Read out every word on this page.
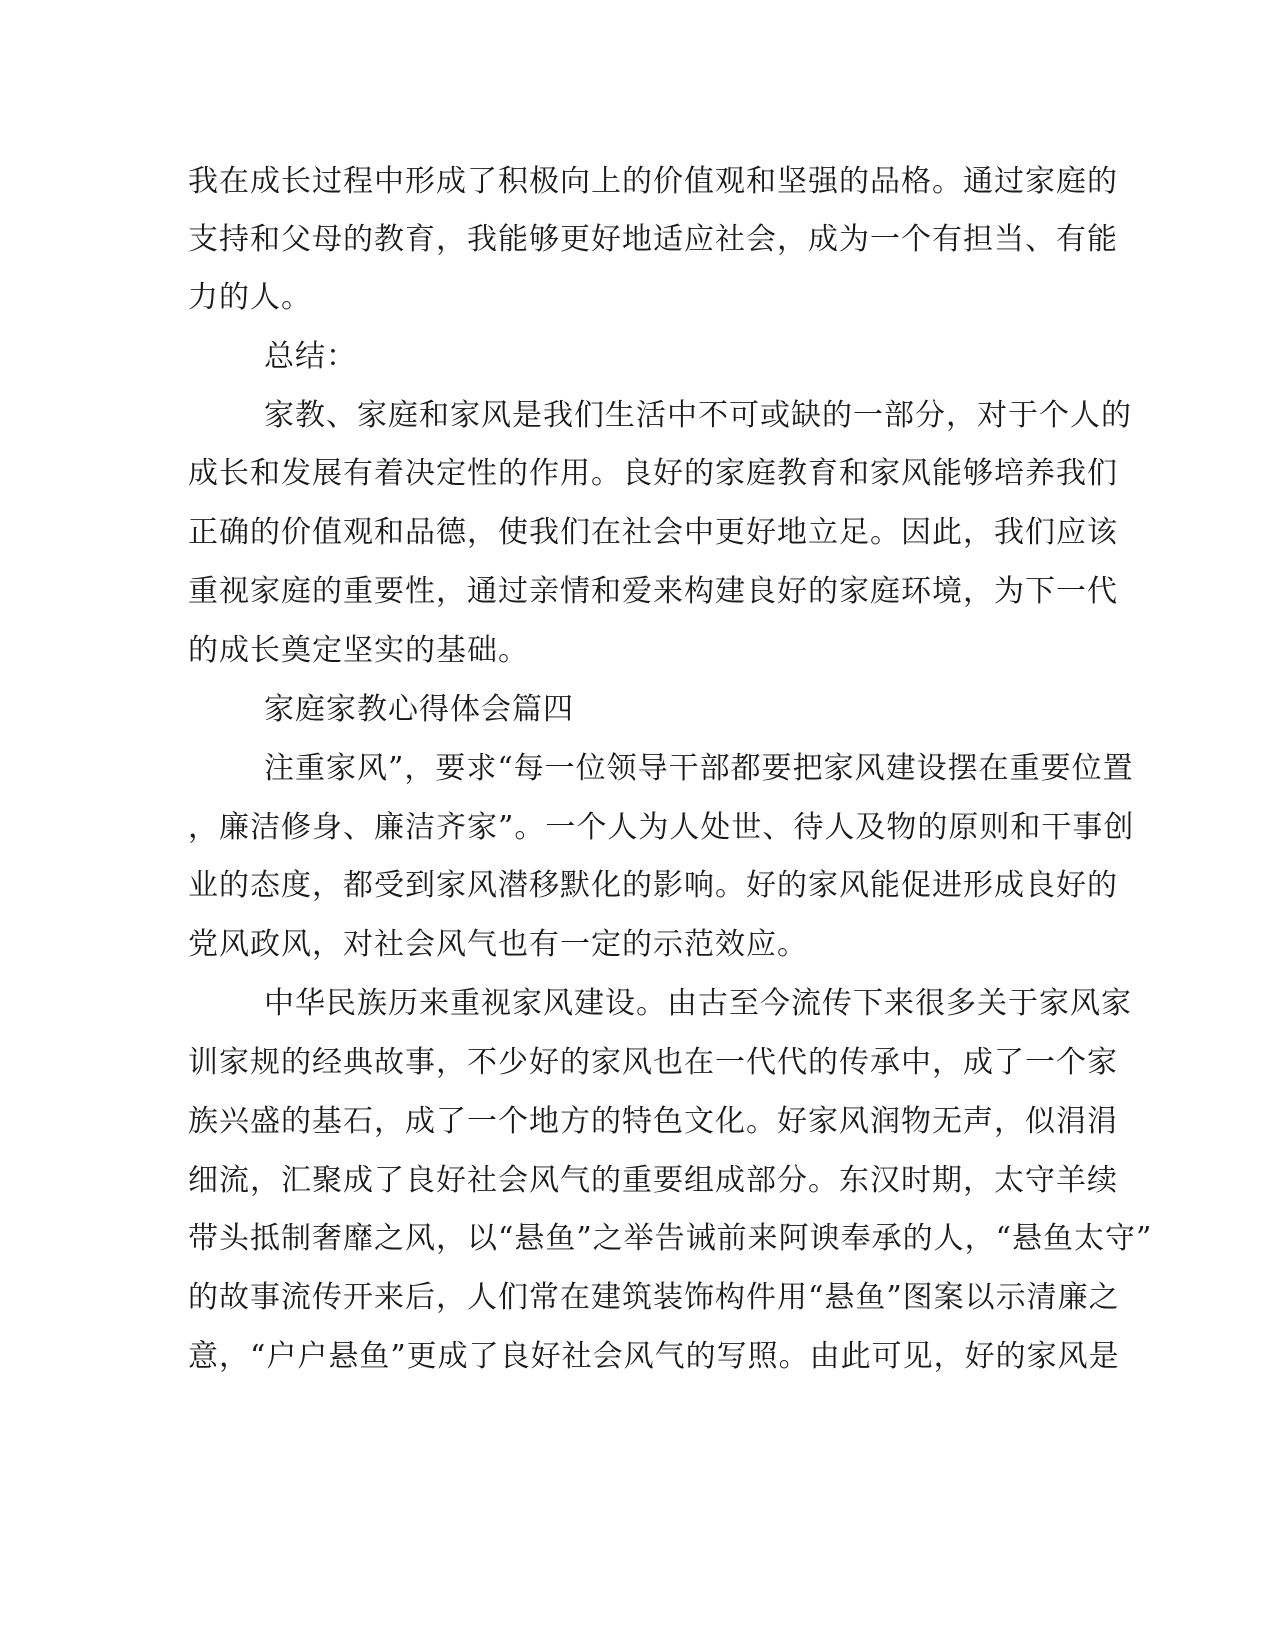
我在成长过程中形成了积极向上的价值观和坚强的品格。通过家庭的
支持和父母的教育，我能够更好地适应社会，成为一个有担当、有能
力的人。
总结：
家教、家庭和家风是我们生活中不可或缺的一部分，对于个人的
成长和发展有着决定性的作用。良好的家庭教育和家风能够培养我们
正确的价值观和品德，使我们在社会中更好地立足。因此，我们应该
重视家庭的重要性，通过亲情和爱来构建良好的家庭环境，为下一代
的成长奠定坚实的基础。
家庭家教心得体会篇四
注重家风”，要求“每一位领导干部都要把家风建设摆在重要位置
，廉洁修身、廉洁齐家”。一个人为人处世、待人及物的原则和干事创
业的态度，都受到家风潜移默化的影响。好的家风能促进形成良好的
党风政风，对社会风气也有一定的示范效应。
中华民族历来重视家风建设。由古至今流传下来很多关于家风家
训家规的经典故事，不少好的家风也在一代代的传承中，成了一个家
族兴盛的基石，成了一个地方的特色文化。好家风润物无声，似涓涓
细流，汇聚成了良好社会风气的重要组成部分。东汉时期，太守羊续
带头抵制奢靡之风，以“悬鱼”之举告诫前来阿谀奉承的人，“悬鱼太守”
的故事流传开来后，人们常在建筑装饰构件用“悬鱼”图案以示清廉之
意，“户户悬鱼”更成了良好社会风气的写照。由此可见，好的家风是
